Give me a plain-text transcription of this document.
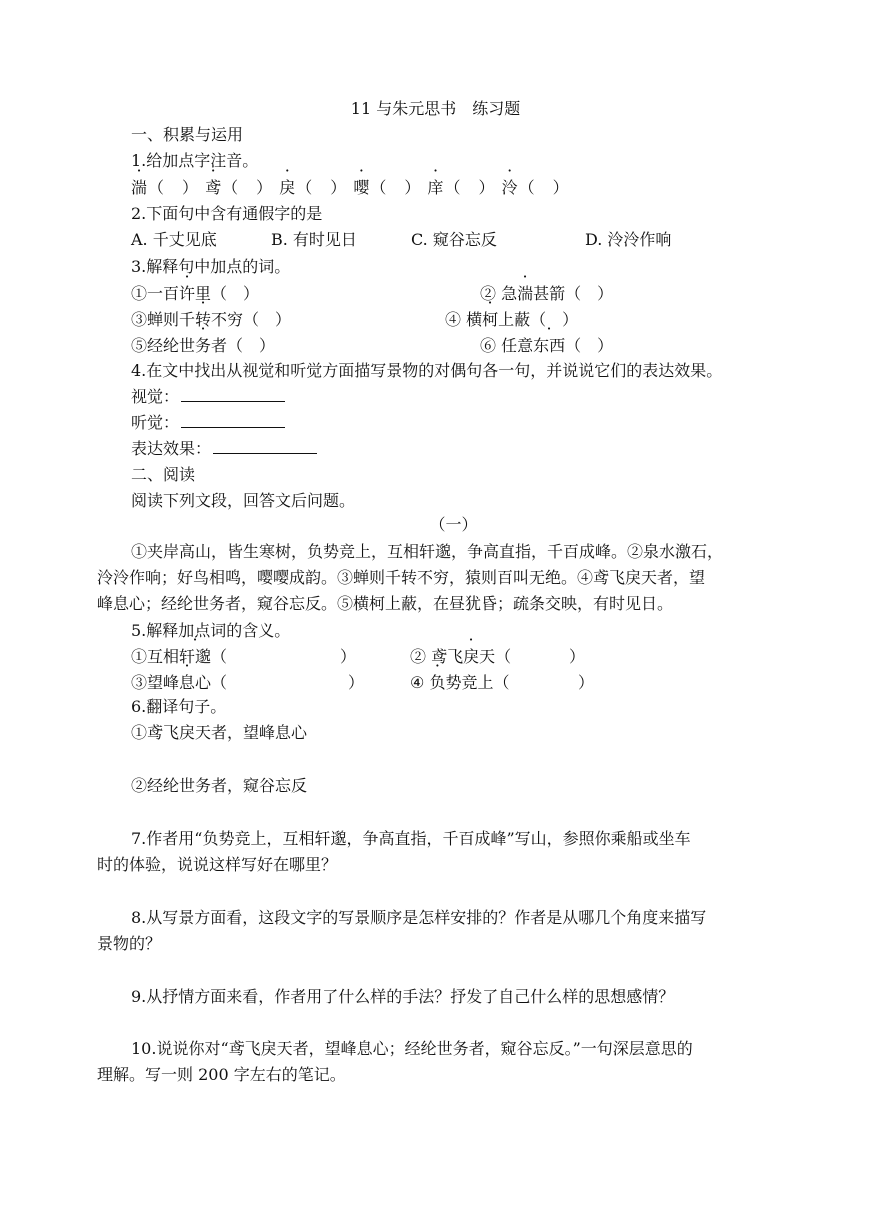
11 与朱元思书　练习题
一、积累与运用
1.给加点字注音。
湍（　） 鸢（　） 戾（　） 嘤（　） 庠（　） 泠（　）
2.下面句中含有通假字的是
A. 千丈见底	B. 有时见日	C. 窥谷忘反	D. 泠泠作响
3.解释句中加点的词。
①一百许里（　）	② 急湍甚箭（　）
③蝉则千转不穷（　）	④ 横柯上蔽（　）
⑤经纶世务者（　）	⑥ 任意东西（　）
4.在文中找出从视觉和听觉方面描写景物的对偶句各一句，并说说它们的表达效果。
视觉：
听觉：
表达效果：
二、阅读
阅读下列文段，回答文后问题。
（一）
①夹岸高山，皆生寒树，负势竞上，互相轩邈，争高直指，千百成峰。②泉水激石，
泠泠作响；好鸟相鸣，嘤嘤成韵。③蝉则千转不穷，猿则百叫无绝。④鸢飞戾天者，望
峰息心；经纶世务者，窥谷忘反。⑤横柯上蔽，在昼犹昏；疏条交映，有时见日。
5.解释加点词的含义。
①互相轩邈（	）	② 鸢飞戾天（	）
③望峰息心（	）	④ 负势竞上（	）
6.翻译句子。
①鸢飞戾天者，望峰息心
②经纶世务者，窥谷忘反
7.作者用“负势竞上，互相轩邈，争高直指，千百成峰”写山，参照你乘船或坐车
时的体验，说说这样写好在哪里？
8.从写景方面看，这段文字的写景顺序是怎样安排的？作者是从哪几个角度来描写
景物的？
9.从抒情方面来看，作者用了什么样的手法？抒发了自己什么样的思想感情？
10.说说你对“鸢飞戾天者，望峰息心；经纶世务者，窥谷忘反。”一句深层意思的
理解。写一则 200 字左右的笔记。
